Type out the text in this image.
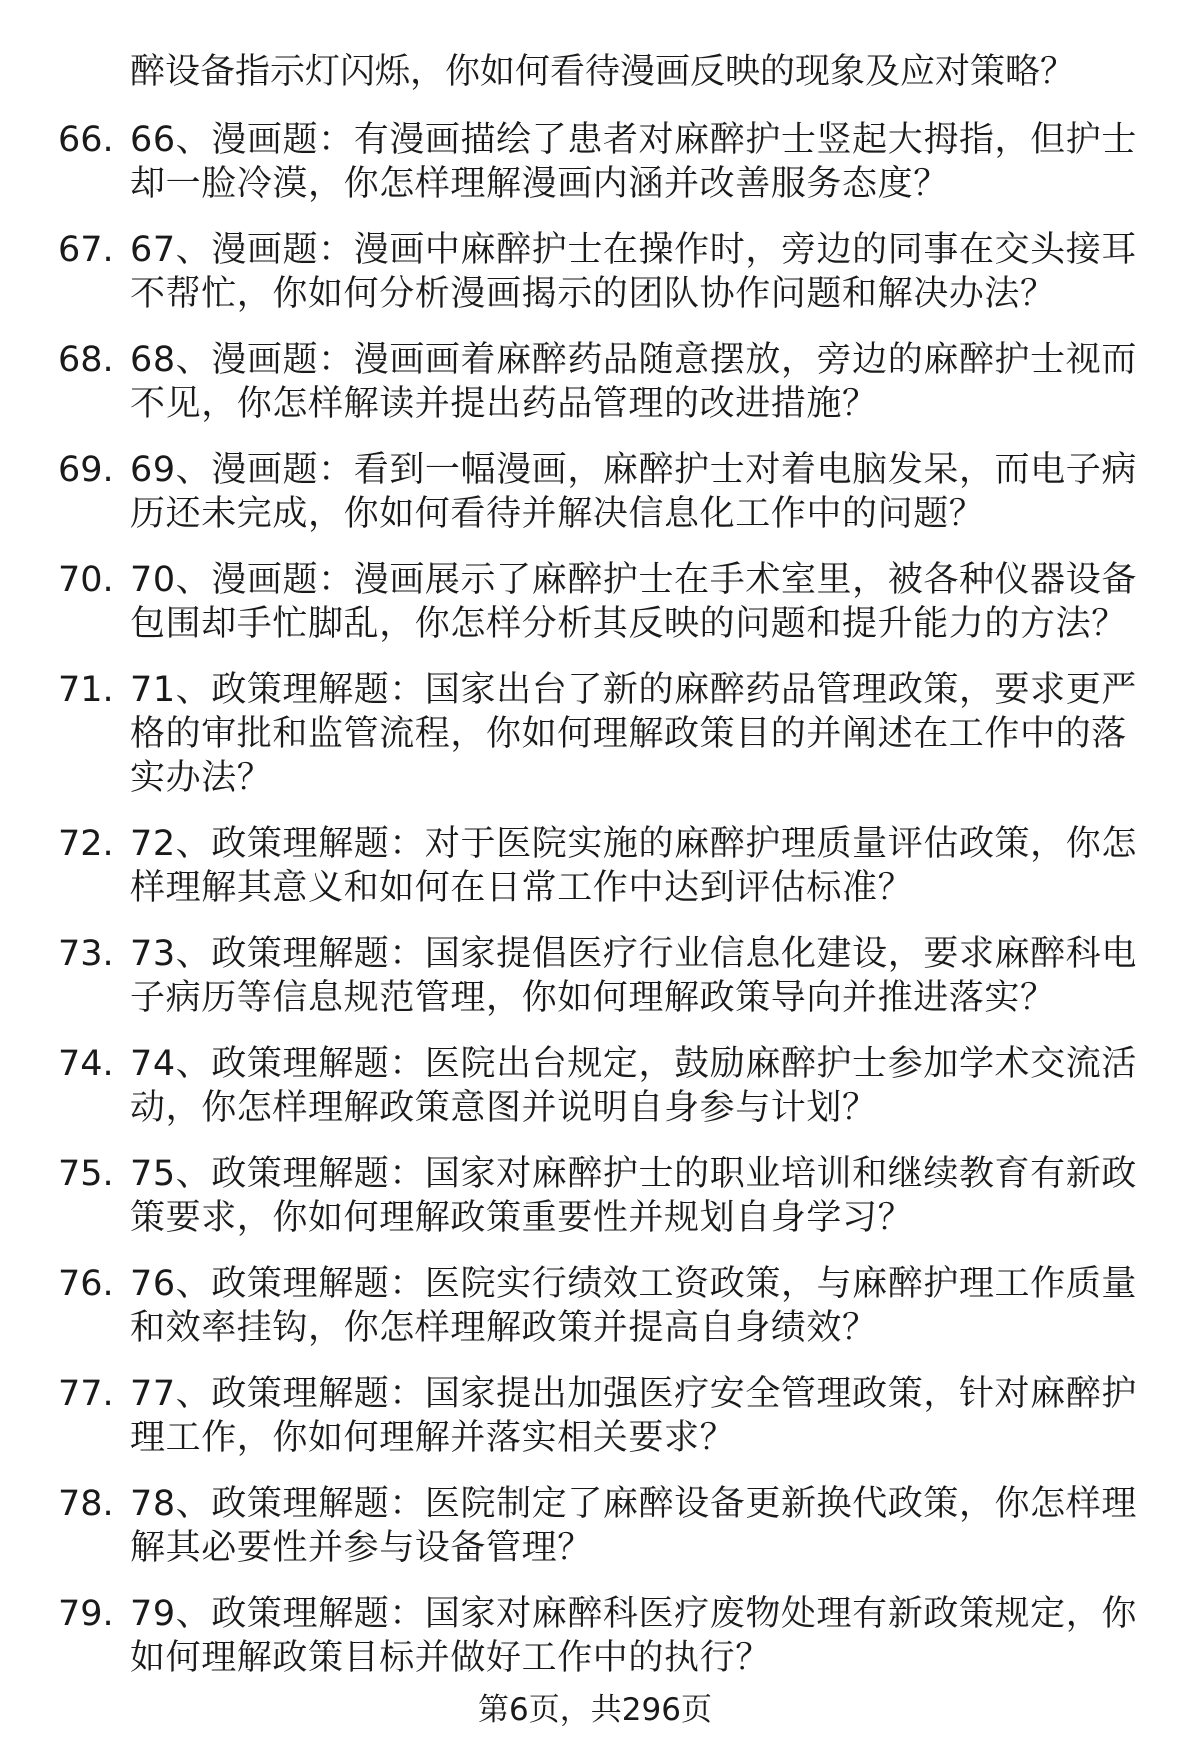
醉设备指示灯闪烁，你如何看待漫画反映的现象及应对策略？
66. 66、漫画题：有漫画描绘了患者对麻醉护士竖起大拇指，但护士却一脸冷漠，你怎样理解漫画内涵并改善服务态度？
67. 67、漫画题：漫画中麻醉护士在操作时，旁边的同事在交头接耳不帮忙，你如何分析漫画揭示的团队协作问题和解决办法？
68. 68、漫画题：漫画画着麻醉药品随意摆放，旁边的麻醉护士视而不见，你怎样解读并提出药品管理的改进措施？
69. 69、漫画题：看到一幅漫画，麻醉护士对着电脑发呆，而电子病历还未完成，你如何看待并解决信息化工作中的问题？
70. 70、漫画题：漫画展示了麻醉护士在手术室里，被各种仪器设备包围却手忙脚乱，你怎样分析其反映的问题和提升能力的方法？
71. 71、政策理解题：国家出台了新的麻醉药品管理政策，要求更严格的审批和监管流程，你如何理解政策目的并阐述在工作中的落实办法？
72. 72、政策理解题：对于医院实施的麻醉护理质量评估政策，你怎样理解其意义和如何在日常工作中达到评估标准？
73. 73、政策理解题：国家提倡医疗行业信息化建设，要求麻醉科电子病历等信息规范管理，你如何理解政策导向并推进落实？
74. 74、政策理解题：医院出台规定，鼓励麻醉护士参加学术交流活动，你怎样理解政策意图并说明自身参与计划？
75. 75、政策理解题：国家对麻醉护士的职业培训和继续教育有新政策要求，你如何理解政策重要性并规划自身学习？
76. 76、政策理解题：医院实行绩效工资政策，与麻醉护理工作质量和效率挂钩，你怎样理解政策并提高自身绩效？
77. 77、政策理解题：国家提出加强医疗安全管理政策，针对麻醉护理工作，你如何理解并落实相关要求？
78. 78、政策理解题：医院制定了麻醉设备更新换代政策，你怎样理解其必要性并参与设备管理？
79. 79、政策理解题：国家对麻醉科医疗废物处理有新政策规定，你如何理解政策目标并做好工作中的执行？
第6页，共296页
